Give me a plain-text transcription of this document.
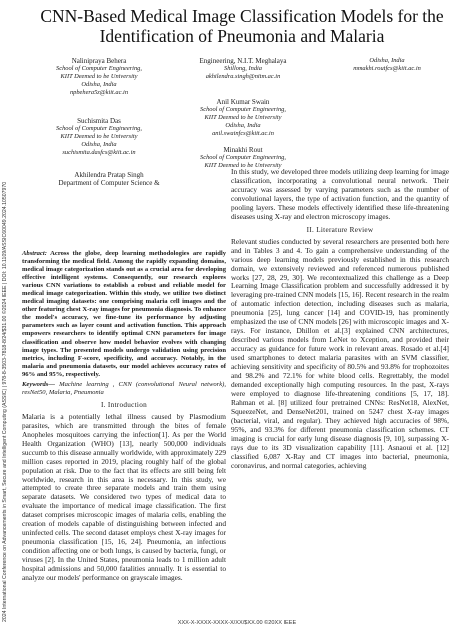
2024 International Conference on Advancements in Smart, Secure and Intelligent Computing (ASSIC) | 978-8-3503-7818-8/24/$31.00 ©2024 IEEE | DOI: 10.1109/ASSIC60049.2024.10507970
CNN-Based Medical Image Classification Models for the Identification of Pneumonia and Malaria
Nalinipraya Behera
School of Computer Engineering,
KIIT Deemed to be University
Odisha, India
npbehera5z@kiit.ac.in
Engineering, N.I.T. Meghalaya
Shillong, India
akhilendra.singh@nitm.ac.in
Odisha, India
mmakhi.routfcs@kiit.ac.in
Suchismita Das
School of Computer Engineering,
KIIT Deemed to be University
Odisha, India
suchismita.dasfcs@kiit.ac.in
Anil Kumar Swain
School of Computer Engineering,
KIIT Deemed to be University
Odisha, India
anil.swainfcs@kiit.ac.in
Akhilendra Pratap Singh
Department of Computer Science &
Minakhi Rout
School of Computer Engineering,
KIIT Deemed to be University

Abstract: Across the globe, deep learning methodologies are rapidly transforming the medical field. Among the rapidly expanding domains, medical image categorization stands out as a crucial area for developing effective intelligent systems. Consequently, our research explores various CNN variations to establish a robust and reliable model for medical image categorization. Within this study, we utilize two distinct medical imaging datasets: one comprising malaria cell images and the other featuring chest X-ray images for pneumonia diagnosis. To enhance the model's accuracy, we fine-tune its performance by adjusting parameters such as layer count and activation function. This approach empowers researchers to identify optimal CNN parameters for image classification and observe how model behavior evolves with changing image types. The presented models undergo validation using precision metrics, including F-score, specificity, and accuracy. Notably, in the malaria and pneumonia datasets, our model achieves accuracy rates of 96% and 95%, respectively.

Keywords— Machine learning , CNN (convolutional Neural network), resNet50, Malaria, Pneumonia

I. Introduction

Malaria is a potentially lethal illness caused by Plasmodium parasites, which are transmitted through the bites of female Anopheles mosquitoes carrying the infection[1]. As per the World Health Organization (WHO) [13], nearly 500,000 individuals succumb to this disease annually worldwide, with approximately 229 million cases reported in 2019, placing roughly half of the global population at risk. Due to the fact that its effects are still being felt worldwide, research in this area is necessary. In this study, we attempted to create three separate models and train them using separate datasets. We considered two types of medical data to evaluate the importance of medical image classification. The first dataset comprises microscopic images of malaria cells, enabling the creation of models capable of distinguishing between infected and uninfected cells. The second dataset employs chest X-ray images for pneumonia classification [15, 16, 24]. Pneumonia, an infectious condition affecting one or both lungs, is caused by bacteria, fungi, or viruses [2]. In the United States, pneumonia leads to 1 million adult hospital admissions and 50,000 fatalities annually. It is essential to analyze our models' performance on grayscale images.

In this study, we developed three models utilizing deep learning for image classification, incorporating a convolutional neural network. Their accuracy was assessed by varying parameters such as the number of convolutional layers, the type of activation function, and the quantity of pooling layers. These models effectively identified these life-threatening diseases using X-ray and electron microscopy images.

II. Literature Review

Relevant studies conducted by several researchers are presented both here and in Tables 3 and 4. To gain a comprehensive understanding of the various deep learning models previously established in this research domain, we extensively reviewed and referenced numerous published works [27, 28, 29, 30]. We recontextualized this challenge as a Deep Learning Image Classification problem and successfully addressed it by leveraging pre-trained CNN models [15, 16]. Recent research in the realm of automatic infection detection, including diseases such as malaria, pneumonia [25], lung cancer [14] and COVID-19, has prominently emphasized the use of CNN models [26] with microscopic images and X-rays. For instance, Dhillon et al.[3] explained CNN architectures, described various models from LeNet to Xception, and provided their accuracy as guidance for future work in relevant areas. Rosado et al.[4] used smartphones to detect malaria parasites with an SVM classifier, achieving sensitivity and specificity of 80.5% and 93.8% for trophozoites and 98.2% and 72.1% for white blood cells. Regrettably, the model demanded exceptionally high computing resources. In the past, X-rays were employed to diagnose life-threatening conditions [5, 17, 18]. Rahman et al. [8] utilized four pretrained CNNs: ResNet18, AlexNet, SqueezeNet, and DenseNet201, trained on 5247 chest X-ray images (bacterial, viral, and regular). They achieved high accuracies of 98%, 95%, and 93.3% for different pneumonia classification schemes. CT imaging is crucial for early lung disease diagnosis [9, 10], surpassing X-rays due to its 3D visualization capability [11]. Asnaoui et al. [12] classified 6,087 X-Ray and CT images into bacterial, pneumonia, coronavirus, and normal categories, achieving

XXX-X-XXXX-XXXX-X/XX/$XX.00 ©20XX IEEE
